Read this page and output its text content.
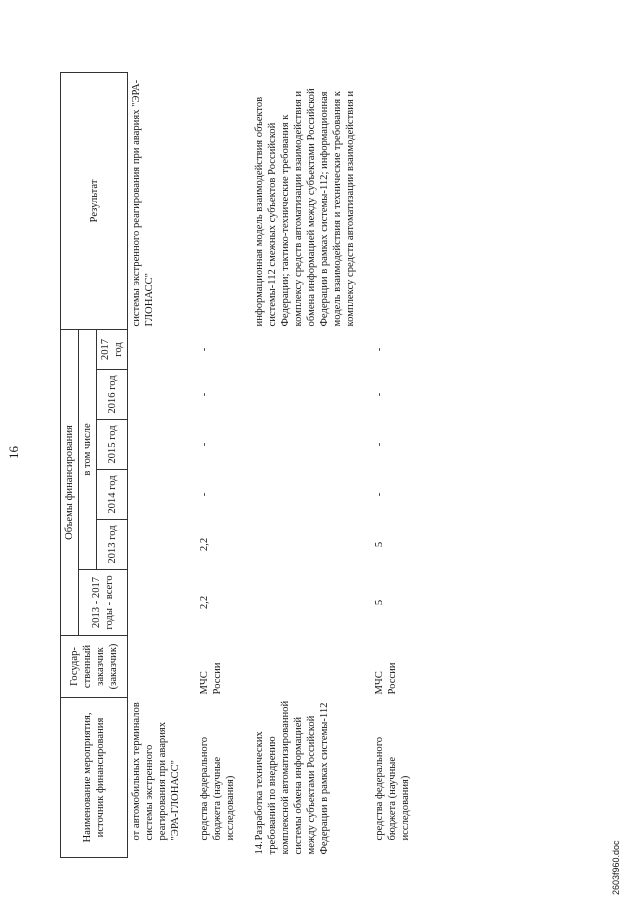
16
Наименование мероприятия, источник финансирования	Государ-ственный заказчик (заказчик)	Объемы финансирования						Результат
		2013 - 2017 годы - всего	в том числе					
			2013 год	2014 год	2015 год	2016 год	2017 год	

от автомобильных терминалов системы экстренного реагирования при авариях "ЭРА-ГЛОНАСС"								системы экстренного реагирования при авариях "ЭРА-ГЛОНАСС"

средства федерального бюджета (научные исследования)	МЧС России	2,2	2,2	-	-	-	-	
14.Разработка технических требований по внедрению комплексной автоматизированной системы обмена информацией между субъектами Российской Федерации в рамках системы-112								информационная модель взаимодействия объектов системы-112 смежных субъектов Российской Федерации; тактико-технические требования к комплексу средств автоматизации взаимодействия и обмена информацией между субъектами Российской Федерации в рамках системы-112; информационная модель взаимодействия и технические требования к комплексу средств автоматизации взаимодействия и

средства федерального бюджета (научные исследования)	МЧС России	5	5	-	-	-	-	
2603f960.doc
